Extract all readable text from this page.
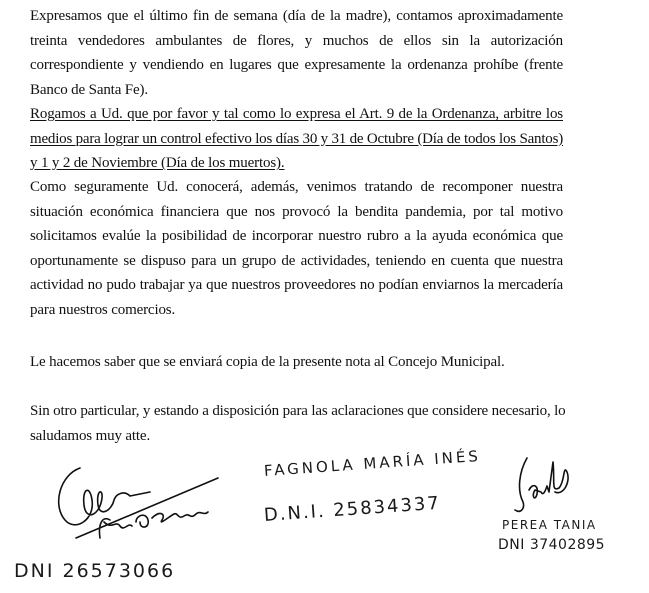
Expresamos que el último fin de semana (día de la madre), contamos aproximadamente
treinta vendedores ambulantes de flores, y muchos de ellos sin la autorización
correspondiente y vendiendo en lugares que expresamente la ordenanza prohíbe (frente
Banco de Santa Fe).
Rogamos a Ud. que por favor y tal como lo expresa el Art. 9 de la Ordenanza, arbitre los
medios para lograr un control efectivo los días 30 y 31 de Octubre (Día de todos los Santos)
y 1 y 2 de Noviembre (Día de los muertos).
Como seguramente Ud. conocerá, además, venimos tratando de recomponer nuestra
situación económica financiera que nos provocó la bendita pandemia, por tal motivo
solicitamos evalúe la posibilidad de incorporar nuestro rubro a la ayuda económica que
oportunamente se dispuso para un grupo de actividades, teniendo en cuenta que nuestra
actividad no pudo trabajar ya que nuestros proveedores no podían enviarnos la mercadería
para nuestros comercios.
Le hacemos saber que se enviará copia de la presente nota al Concejo Municipal.
Sin otro particular, y estando a disposición para las aclaraciones que considere necesario, lo
saludamos muy atte.
DNI 26573066
FAGNOLA MARÍA INÉS
D.N.I. 25834337	PEREA TANIA
DNI 37402895
